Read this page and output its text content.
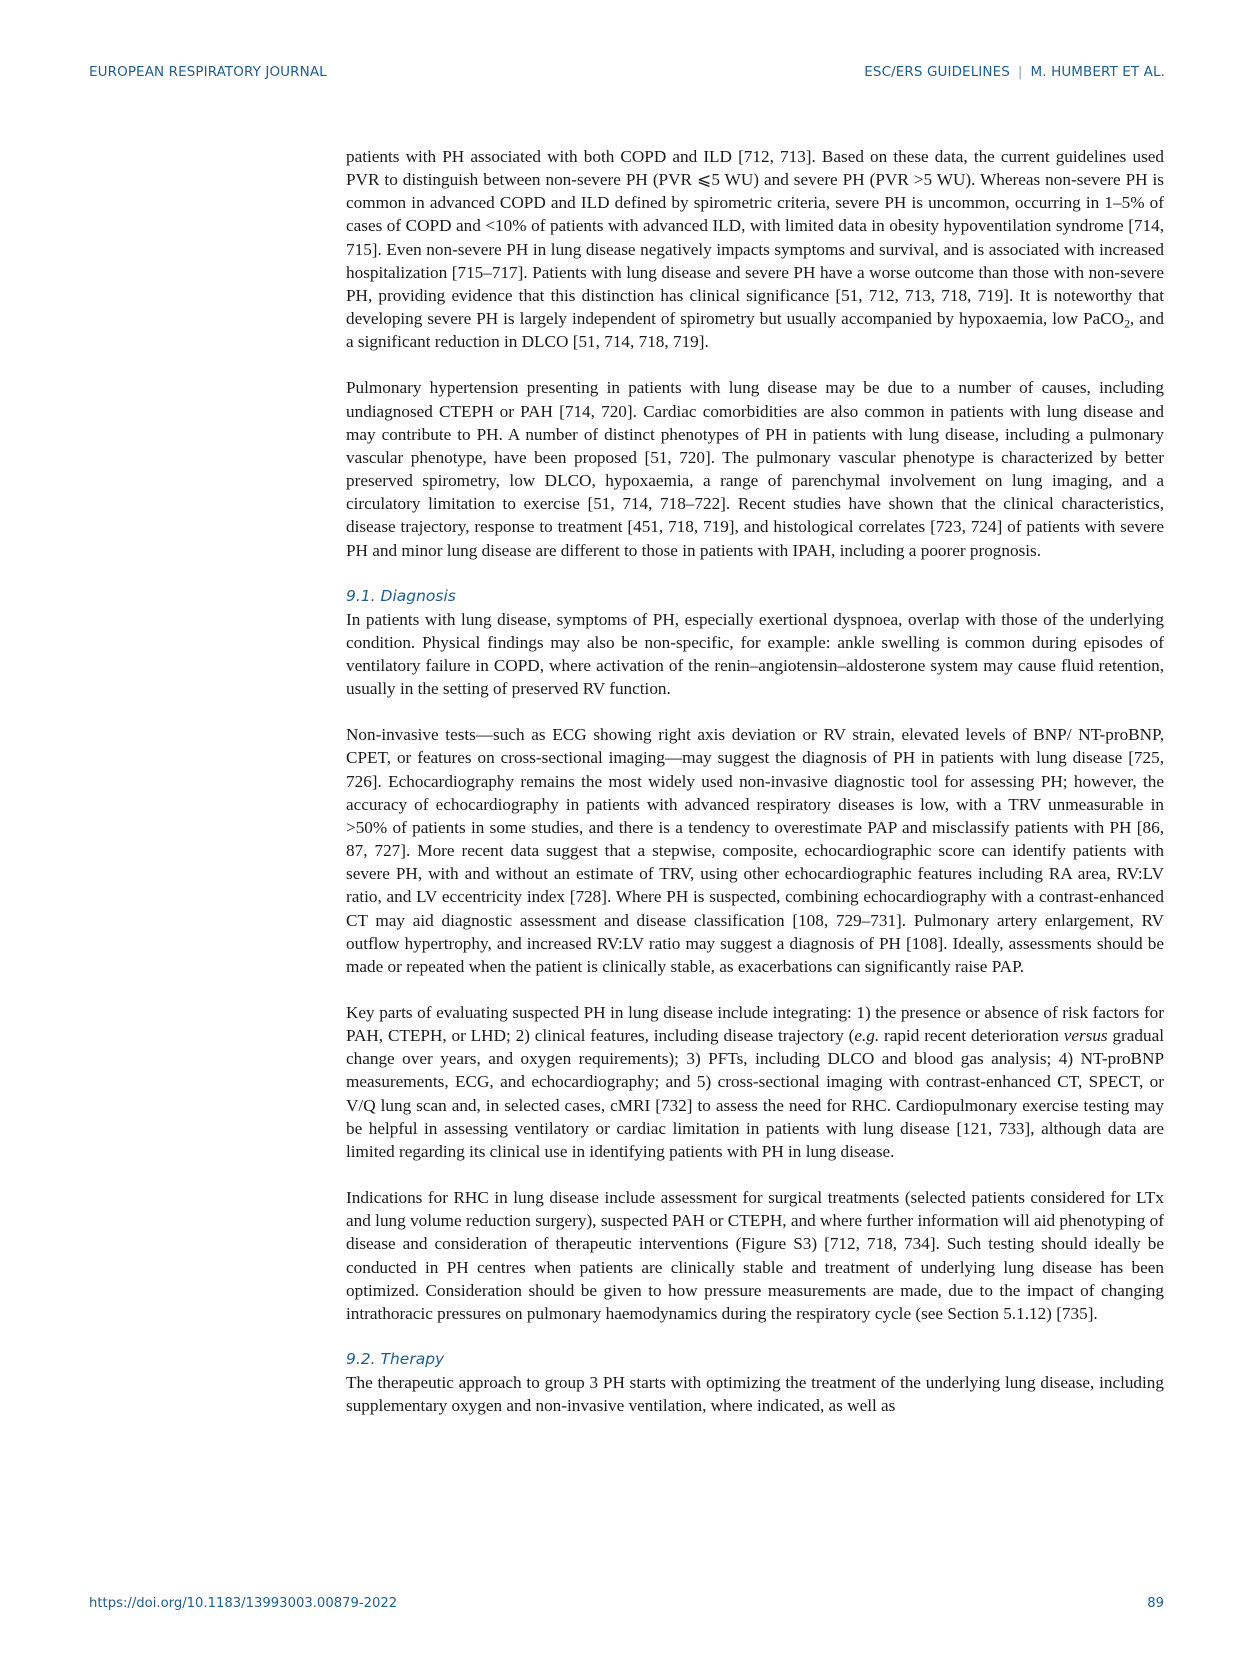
EUROPEAN RESPIRATORY JOURNAL	ESC/ERS GUIDELINES | M. HUMBERT ET AL.

patients with PH associated with both COPD and ILD [712, 713]. Based on these data, the current guidelines used PVR to distinguish between non-severe PH (PVR ⩽5 WU) and severe PH (PVR >5 WU). Whereas non-severe PH is common in advanced COPD and ILD defined by spirometric criteria, severe PH is uncommon, occurring in 1–5% of cases of COPD and <10% of patients with advanced ILD, with limited data in obesity hypoventilation syndrome [714, 715]. Even non-severe PH in lung disease negatively impacts symptoms and survival, and is associated with increased hospitalization [715–717]. Patients with lung disease and severe PH have a worse outcome than those with non-severe PH, providing evidence that this distinction has clinical significance [51, 712, 713, 718, 719]. It is noteworthy that developing severe PH is largely independent of spirometry but usually accompanied by hypoxaemia, low PaCO$_2$, and a significant reduction in DLCO [51, 714, 718, 719].

Pulmonary hypertension presenting in patients with lung disease may be due to a number of causes, including undiagnosed CTEPH or PAH [714, 720]. Cardiac comorbidities are also common in patients with lung disease and may contribute to PH. A number of distinct phenotypes of PH in patients with lung disease, including a pulmonary vascular phenotype, have been proposed [51, 720]. The pulmonary vascular phenotype is characterized by better preserved spirometry, low DLCO, hypoxaemia, a range of parenchymal involvement on lung imaging, and a circulatory limitation to exercise [51, 714, 718–722]. Recent studies have shown that the clinical characteristics, disease trajectory, response to treatment [451, 718, 719], and histological correlates [723, 724] of patients with severe PH and minor lung disease are different to those in patients with IPAH, including a poorer prognosis.

9.1. Diagnosis

In patients with lung disease, symptoms of PH, especially exertional dyspnoea, overlap with those of the underlying condition. Physical findings may also be non-specific, for example: ankle swelling is common during episodes of ventilatory failure in COPD, where activation of the renin–angiotensin–aldosterone system may cause fluid retention, usually in the setting of preserved RV function.

Non-invasive tests—such as ECG showing right axis deviation or RV strain, elevated levels of BNP/ NT-proBNP, CPET, or features on cross-sectional imaging—may suggest the diagnosis of PH in patients with lung disease [725, 726]. Echocardiography remains the most widely used non-invasive diagnostic tool for assessing PH; however, the accuracy of echocardiography in patients with advanced respiratory diseases is low, with a TRV unmeasurable in >50% of patients in some studies, and there is a tendency to overestimate PAP and misclassify patients with PH [86, 87, 727]. More recent data suggest that a stepwise, composite, echocardiographic score can identify patients with severe PH, with and without an estimate of TRV, using other echocardiographic features including RA area, RV:LV ratio, and LV eccentricity index [728]. Where PH is suspected, combining echocardiography with a contrast-enhanced CT may aid diagnostic assessment and disease classification [108, 729–731]. Pulmonary artery enlargement, RV outflow hypertrophy, and increased RV:LV ratio may suggest a diagnosis of PH [108]. Ideally, assessments should be made or repeated when the patient is clinically stable, as exacerbations can significantly raise PAP.

Key parts of evaluating suspected PH in lung disease include integrating: 1) the presence or absence of risk factors for PAH, CTEPH, or LHD; 2) clinical features, including disease trajectory (e.g. rapid recent deterioration versus gradual change over years, and oxygen requirements); 3) PFTs, including DLCO and blood gas analysis; 4) NT-proBNP measurements, ECG, and echocardiography; and 5) cross-sectional imaging with contrast-enhanced CT, SPECT, or V/Q lung scan and, in selected cases, cMRI [732] to assess the need for RHC. Cardiopulmonary exercise testing may be helpful in assessing ventilatory or cardiac limitation in patients with lung disease [121, 733], although data are limited regarding its clinical use in identifying patients with PH in lung disease.

Indications for RHC in lung disease include assessment for surgical treatments (selected patients considered for LTx and lung volume reduction surgery), suspected PAH or CTEPH, and where further information will aid phenotyping of disease and consideration of therapeutic interventions (Figure S3) [712, 718, 734]. Such testing should ideally be conducted in PH centres when patients are clinically stable and treatment of underlying lung disease has been optimized. Consideration should be given to how pressure measurements are made, due to the impact of changing intrathoracic pressures on pulmonary haemodynamics during the respiratory cycle (see Section 5.1.12) [735].

9.2. Therapy

The therapeutic approach to group 3 PH starts with optimizing the treatment of the underlying lung disease, including supplementary oxygen and non-invasive ventilation, where indicated, as well as

https://doi.org/10.1183/13993003.00879-2022	89
